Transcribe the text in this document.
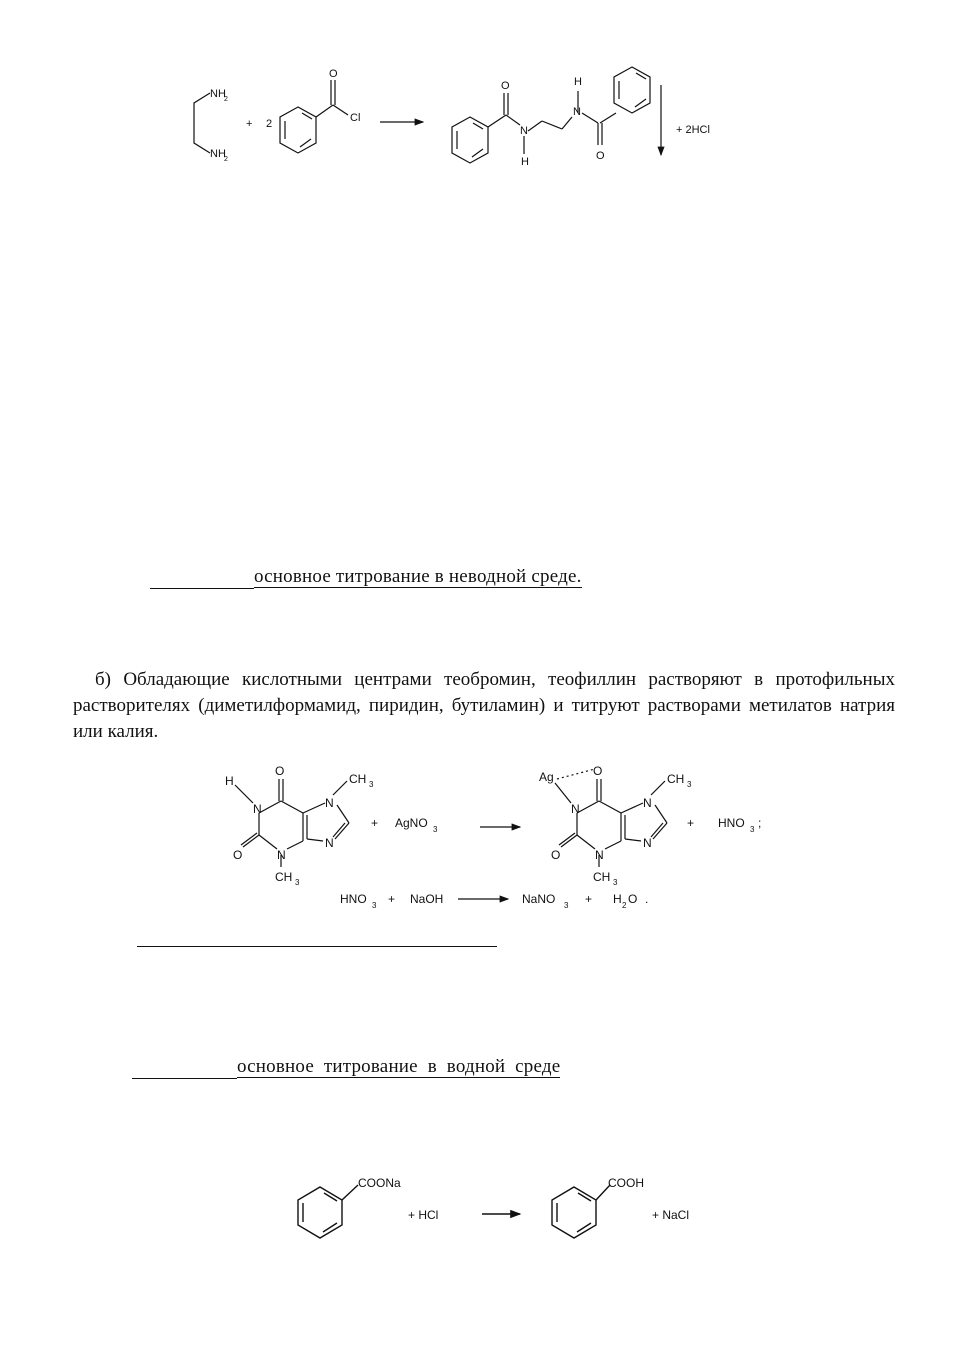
+ 2
NH
2
NH
2
O
Cl
O
N
H
H
N
O
+ 2HCl
основное титрование в неводной среде.

б) Обладающие кислотными центрами теобромин, теофиллин растворяют в протофильных растворителях (диметилформамид, пиридин, бутиламин) и титруют растворами метилатов натрия или калия.

H
O
N
O	N
CH 3
N
N
CH 3
+ AgNO 3
Ag	O
N
O	N
CH 3
N
N
CH 3
+ HNO 3 ;
HNO 3 + NaOH	NaNO 3 + H 2 O .
основное  титрование  в  водной  среде
COONa
+ HCl
COOH
+ NaCl
